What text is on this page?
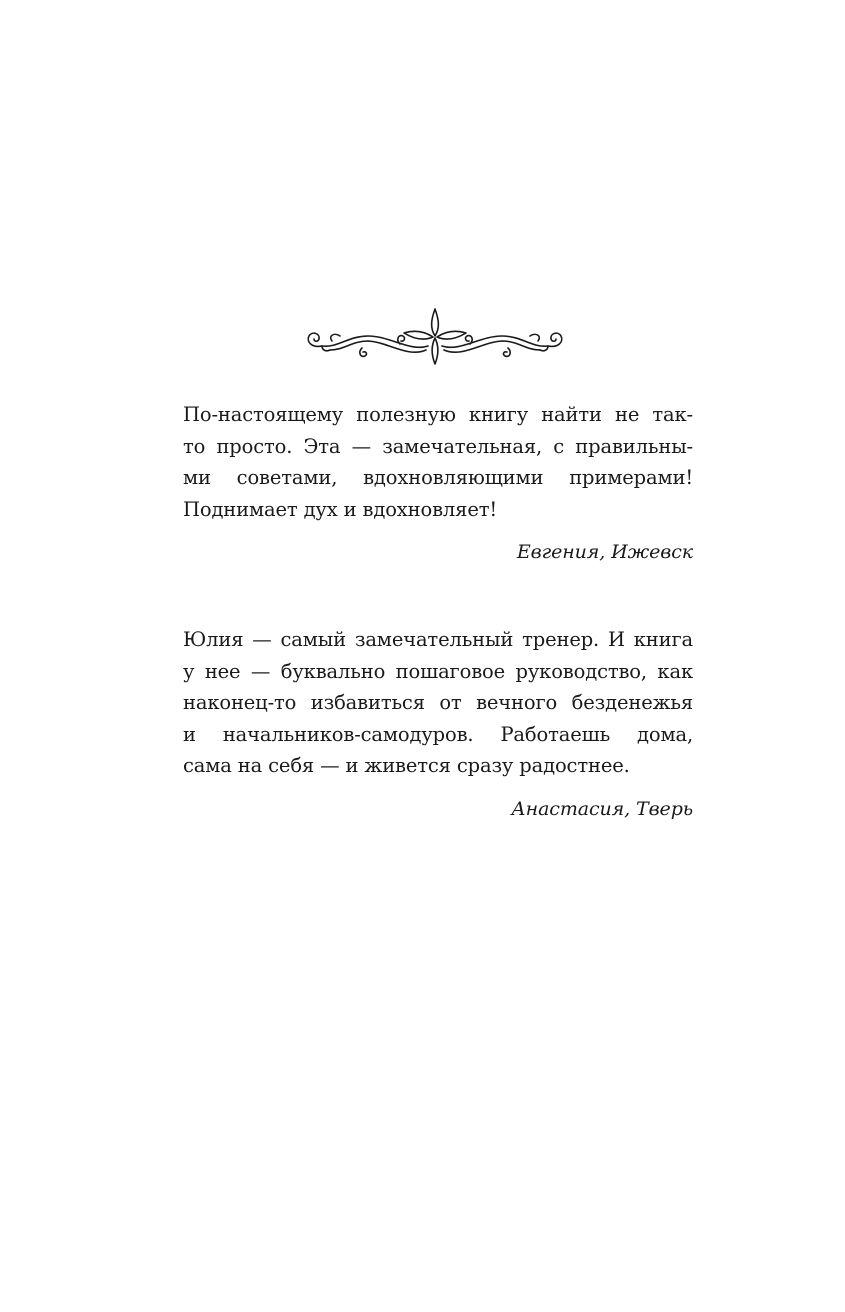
По-настоящему полезную книгу найти не так-
то просто. Эта — замечательная, с правильны-
ми советами, вдохновляющими примерами!
Поднимает дух и вдохновляет!
Евгения, Ижевск
Юлия — самый замечательный тренер. И книга
у нее — буквально пошаговое руководство, как
наконец-то избавиться от вечного безденежья
и начальников-самодуров. Работаешь дома,
сама на себя — и живется сразу радостнее.
Анастасия, Тверь
